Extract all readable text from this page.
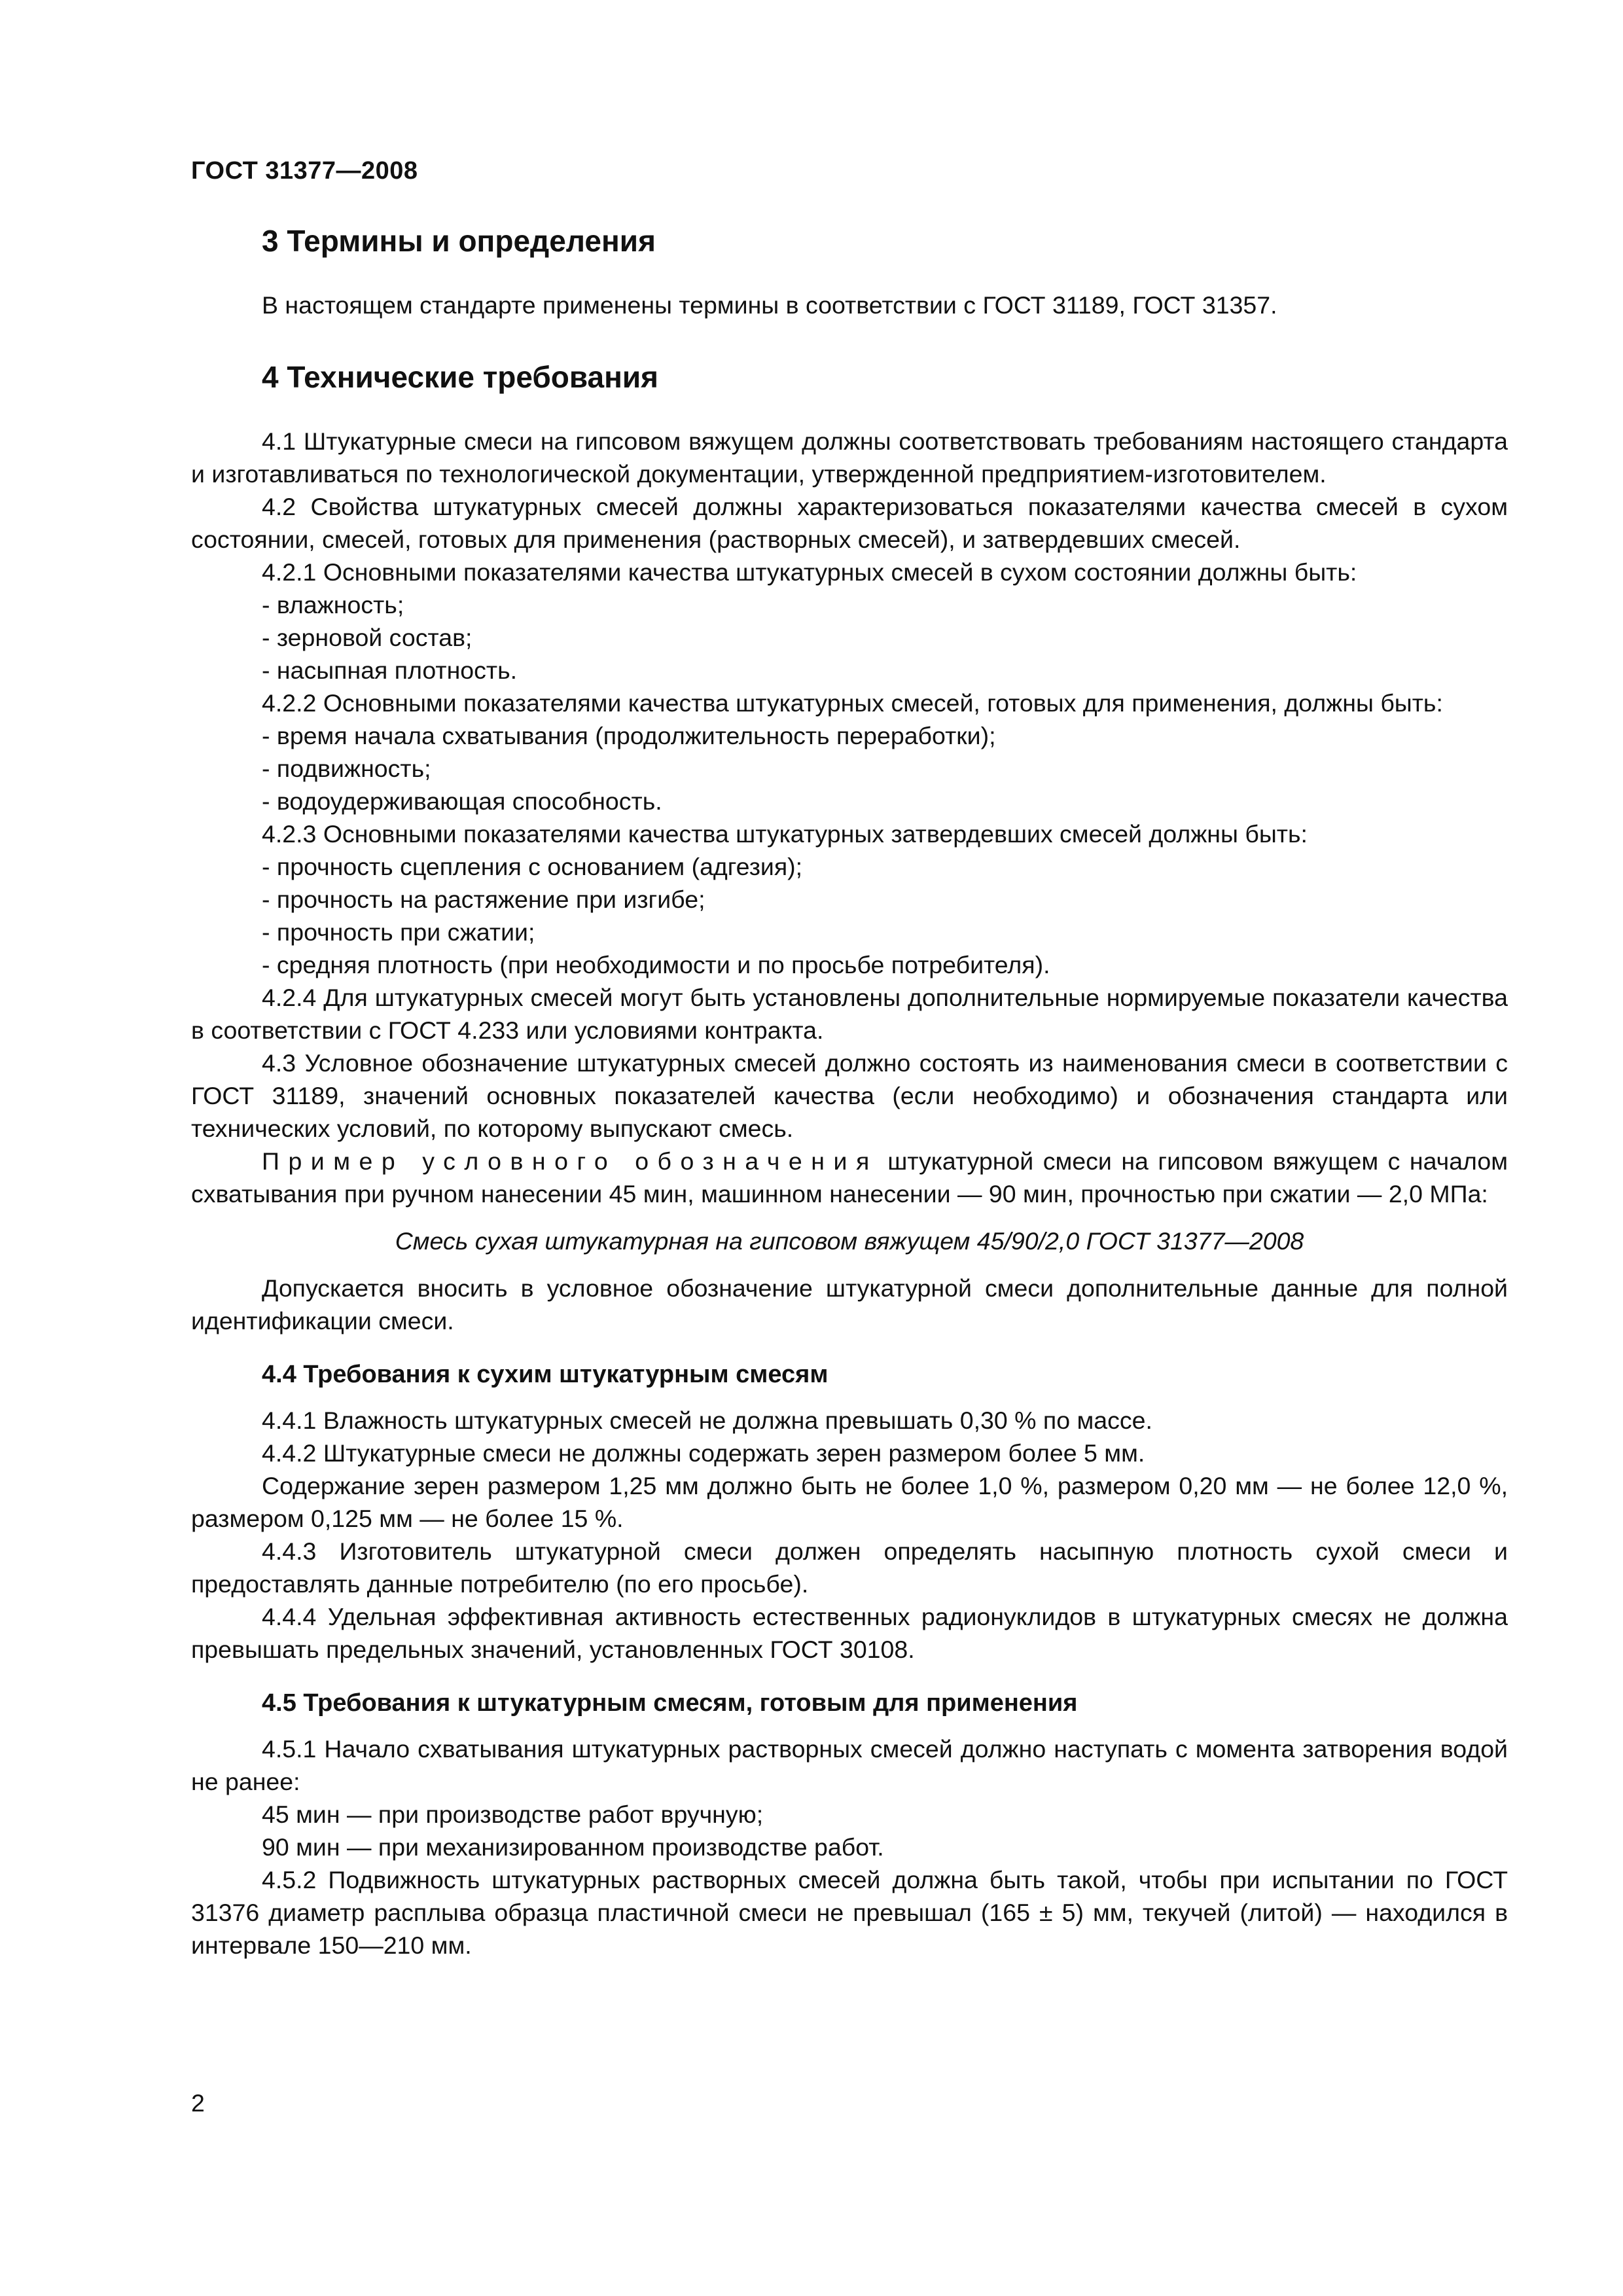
ГОСТ 31377—2008
3 Термины и определения

В настоящем стандарте применены термины в соответствии с ГОСТ 31189, ГОСТ 31357.

4 Технические требования

4.1 Штукатурные смеси на гипсовом вяжущем должны соответствовать требованиям настоящего стандарта и изготавливаться по технологической документации, утвержденной предприятием-изготовителем.

4.2 Свойства штукатурных смесей должны характеризоваться показателями качества смесей в сухом состоянии, смесей, готовых для применения (растворных смесей), и затвердевших смесей.

4.2.1 Основными показателями качества штукатурных смесей в сухом состоянии должны быть:

- влажность;

- зерновой состав;

- насыпная плотность.

4.2.2 Основными показателями качества штукатурных смесей, готовых для применения, должны быть:

- время начала схватывания (продолжительность переработки);

- подвижность;

- водоудерживающая способность.

4.2.3 Основными показателями качества штукатурных затвердевших смесей должны быть:

- прочность сцепления с основанием (адгезия);

- прочность на растяжение при изгибе;

- прочность при сжатии;

- средняя плотность (при необходимости и по просьбе потребителя).

4.2.4 Для штукатурных смесей могут быть установлены дополнительные нормируемые показатели качества в соответствии с ГОСТ 4.233 или условиями контракта.

4.3 Условное обозначение штукатурных смесей должно состоять из наименования смеси в соответствии с ГОСТ 31189, значений основных показателей качества (если необходимо) и обозначения стандарта или технических условий, по которому выпускают смесь.

Пример условного обозначения штукатурной смеси на гипсовом вяжущем с началом схватывания при ручном нанесении 45 мин, машинном нанесении — 90 мин, прочностью при сжатии — 2,0 МПа:

Смесь сухая штукатурная на гипсовом вяжущем 45/90/2,0 ГОСТ 31377—2008

Допускается вносить в условное обозначение штукатурной смеси дополнительные данные для полной идентификации смеси.

4.4 Требования к сухим штукатурным смесям

4.4.1 Влажность штукатурных смесей не должна превышать 0,30 % по массе.

4.4.2 Штукатурные смеси не должны содержать зерен размером более 5 мм.

Содержание зерен размером 1,25 мм должно быть не более 1,0 %, размером 0,20 мм — не более 12,0 %, размером 0,125 мм — не более 15 %.

4.4.3 Изготовитель штукатурной смеси должен определять насыпную плотность сухой смеси и предоставлять данные потребителю (по его просьбе).

4.4.4 Удельная эффективная активность естественных радионуклидов в штукатурных смесях не должна превышать предельных значений, установленных ГОСТ 30108.

4.5 Требования к штукатурным смесям, готовым для применения

4.5.1 Начало схватывания штукатурных растворных смесей должно наступать с момента затворения водой не ранее:

45 мин — при производстве работ вручную;

90 мин — при механизированном производстве работ.

4.5.2 Подвижность штукатурных растворных смесей должна быть такой, чтобы при испытании по ГОСТ 31376 диаметр расплыва образца пластичной смеси не превышал (165 ± 5) мм, текучей (литой) — находился в интервале 150—210 мм.

2
